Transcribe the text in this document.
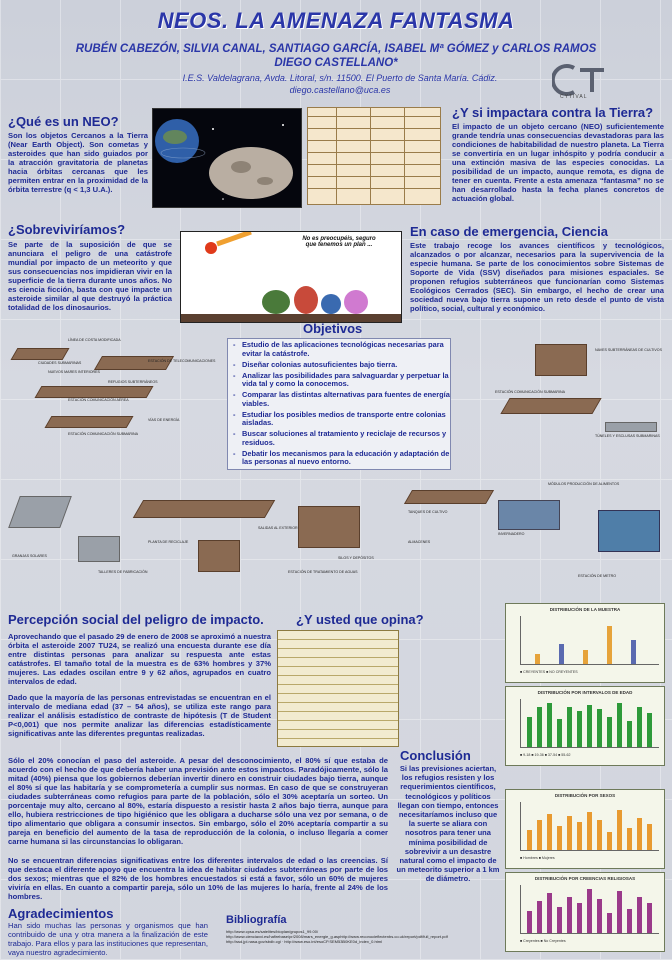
NEOS. LA AMENAZA FANTASMA
RUBÉN CABEZÓN, SILVIA CANAL, SANTIAGO GARCÍA, ISABEL Mª GÓMEZ y CARLOS RAMOS
DIEGO CASTELLANO*
I.E.S. Valdelagrana, Avda. Litoral, s/n. 11500. El Puerto de Santa María. Cádiz.
diego.castellano@uca.es
CYTIVAL
¿Qué es un NEO?
Son los objetos Cercanos a la Tierra (Near Earth Object). Son cometas y asteroides que han sido guiados por la atracción gravitatoria de planetas hacia órbitas cercanas que les permiten entrar en la proximidad de la órbita terrestre (q < 1,3 U.A.).
¿Y si impactara contra la Tierra?
El impacto de un objeto cercano (NEO) suficientemente grande tendría unas consecuencias devastadoras para las condiciones de habitabilidad de nuestro planeta. La Tierra se convertiría en un lugar inhóspito y podría conducir a una extinción masiva de las especies conocidas. La posibilidad de un impacto, aunque remota, es digna de tener en cuenta. Frente a esta amenaza “fantasma” no se han desarrollado hasta la fecha planes concretos de actuación global.
¿Sobreviviríamos?
Se parte de la suposición de que se anunciara el peligro de una catástrofe mundial por impacto de un meteorito y que sus consecuencias nos impidieran vivir en la superficie de la tierra durante unos años. No es ciencia ficción, basta con que impacte un asteroide similar al que destruyó la práctica totalidad de los dinosaurios.
No es preocupéis, seguro que tenemos un plan ...
En caso de emergencia, Ciencia
Este trabajo recoge los avances científicos y tecnológicos, alcanzados o por alcanzar, necesarios para la supervivencia de la especie humana. Se parte de los conocimientos sobre Sistemas de Soporte de Vida (SSV) diseñados para misiones espaciales. Se proponen refugios subterráneos que funcionarían como Sistemas Ecológicos Cerrados (SEC). Sin embargo, el hecho de crear una sociedad nueva bajo tierra supone un reto desde el punto de vista político, social, cultural y económico.
Objetivos
- Estudio de las aplicaciones tecnológicas necesarias para evitar la catástrofe.
- Diseñar colonias autosuficientes bajo tierra.
- Analizar las posibilidades para salvaguardar y perpetuar la vida tal y como la conocemos.
- Comparar las distintas alternativas para fuentes de energía viables.
- Estudiar los posibles medios de transporte entre colonias aisladas.
- Buscar soluciones al tratamiento y reciclaje de recursos y residuos.
- Debatir los mecanismos para la educación y adaptación de las personas al nuevo entorno.
LÍNEA DE COSTA MODIFICADA
CIUDADES SUBMARINAS	ESTACIÓN DE TELECOMUNICACIONES
NUEVOS MARES INTERIORES
REFUGIOS SUBTERRÁNEOS
ESTACIÓN COMUNICACIÓN AÉREA
ESTACIÓN COMUNICACIÓN SUBMARINA
VÍAS DE ENERGÍA
NAVES SUBTERRÁNEAS DE CULTIVOS
ESTACIÓN COMUNICACIÓN SUBMARINA
TÚNELES Y ESCLUSAS SUBMARINAS
GRANJAS SOLARES
PLANTA DE RECICLAJE
TALLERES DE FABRICACIÓN
SALIDAS AL EXTERIOR
SILOS Y DEPÓSITOS
TANQUES DE CULTIVO
ESTACIÓN DE TRATAMIENTO DE AGUAS
ALMACENES
INVERNADERO
MÓDULOS PRODUCCIÓN DE ALIMENTOS
ESTACIÓN DE METRO
Percepción social del peligro de impacto.
Aprovechando que el pasado 29 de enero de 2008 se aproximó a nuestra órbita el asteroide 2007 TU24, se realizó una encuesta durante ese día entre distintas personas para analizar su respuesta ante estas catástrofes. El tamaño total de la muestra es de 63% hombres y 37% mujeres. Las edades oscilan entre 9 y 62 años, agrupados en cuatro intervalos de edad.
Dado que la mayoría de las personas entrevistadas se encuentran en el intervalo de mediana edad (37 – 54 años), se utiliza este rango para realizar el análisis estadístico de contraste de hipótesis (T de Student P<0,001) que nos permite analizar las diferencias estadísticamente significativas ante las diferentes preguntas realizadas.
Sólo el 20% conocían el paso del asteroide. A pesar del desconocimiento, el 80% sí que estaba de acuerdo con el hecho de que debería haber una previsión ante estos impactos. Paradójicamente, sólo la mitad (40%) piensa que los gobiernos deberían invertir dinero en construir ciudades bajo tierra, aunque el 80% sí que las habitaría y se comprometería a cumplir sus normas. En caso de que se construyeran ciudades subterráneas como refugios para parte de la población, sólo el 30% aceptaría un sorteo. Un porcentaje muy alto, cercano al 80%, estaría dispuesto a resistir hasta 2 años bajo tierra, aunque para ello, hubiera restricciones de tipo higiénico que les obligara a ducharse sólo una vez por semana, o de tipo alimentario que obligara a consumir insectos. Sin embargo, sólo el 20% aceptaría compartir a su pareja en beneficio del aumento de la tasa de reproducción de la colonia, o incluso llegaría a comer carne humana si las circunstancias lo obligaran.
No se encuentran diferencias significativas entre los diferentes intervalos de edad o las creencias. Sí que destaca el diferente apoyo que encuentra la idea de habitar ciudades subterráneas por parte de los dos sexos; mientras que el 82% de los hombres encuestados si está a favor, sólo un 60% de mujeres viviría en ellas. En cuanto a compartir pareja, sólo un 10% de las mujeres lo haría, frente al 24% de los hombres.
¿Y usted que opina?
Conclusión

Si las previsiones aciertan, los refugios resisten y los requerimientos científicos, tecnológicos y políticos llegan con tiempo, entonces necesitaríamos incluso que la suerte se aliara con nosotros para tener una mínima posibilidad de sobrevivir a un desastre natural como el impacto de un meteorito superior a 1 km de diámetro.

Agradecimientos
Han sido muchas las personas y organismos que han contribuido de una y otra manera a la finalización de este trabajo. Para ellos y para las instituciones que representan, vaya nuestro agradecimiento.
Bibliografía
http://www.cpsa.es/satelites/bioplan/grupos1_99.00/
http://www.cienciaxxi.es/hafirebase/pr/2008/mars_energie_g.asphttp://www.reconocieflectenbs.co.uk/report/pdf/full_report.pdf
http://ssd.jpl.nasa.gov/sbdb.cgi · http://www.eso.int/esoCP.SEM53B0KE0d_index_0.html
DISTRIBUCIÓN DE LA MUESTRA
■ CREYENTES ■ NO CREYENTES
DISTRIBUCIÓN POR INTERVALOS DE EDAD
■ 9-18 ■ 19-36 ■ 37-54 ■ 55-62
DISTRIBUCIÓN POR SEXOS
■ Hombres ■ Mujeres
DISTRIBUCIÓN POR CREENCIAS RELIGIOSAS
■ Creyentes ■ No Creyentes
